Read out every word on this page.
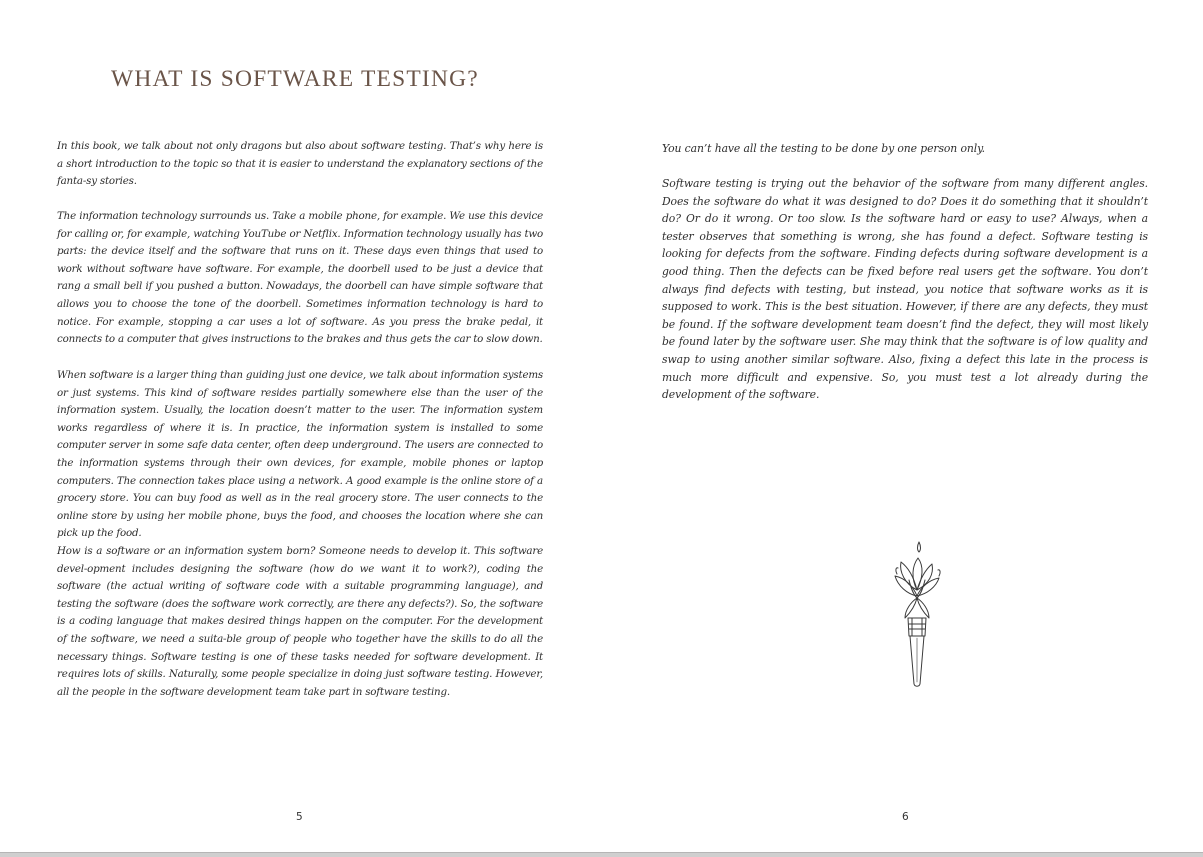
WHAT IS SOFTWARE TESTING?

In this book, we talk about not only dragons but also about software testing. That’s why here is a short introduction to the topic so that it is easier to understand the explanatory sections of the fanta-sy stories.

The information technology surrounds us. Take a mobile phone, for example. We use this device for calling or, for example, watching YouTube or Netflix. Information technology usually has two parts: the device itself and the software that runs on it. These days even things that used to work without software have software. For example, the doorbell used to be just a device that rang a small bell if you pushed a button. Nowadays, the doorbell can have simple software that allows you to choose the tone of the doorbell. Sometimes information technology is hard to notice. For example, stopping a car uses a lot of software. As you press the brake pedal, it connects to a computer that gives instructions to the brakes and thus gets the car to slow down.

When software is a larger thing than guiding just one device, we talk about information systems or just systems. This kind of software resides partially somewhere else than the user of the information system. Usually, the location doesn’t matter to the user. The information system works regardless of where it is. In practice, the information system is installed to some computer server in some safe data center, often deep underground. The users are connected to the information systems through their own devices, for example, mobile phones or laptop computers. The connection takes place using a network. A good example is the online store of a grocery store. You can buy food as well as in the real grocery store. The user connects to the online store by using her mobile phone, buys the food, and chooses the location where she can pick up the food.

How is a software or an information system born? Someone needs to develop it. This software devel-opment includes designing the software (how do we want it to work?), coding the software (the actual writing of software code with a suitable programming language), and testing the software (does the software work correctly, are there any defects?). So, the software is a coding language that makes desired things happen on the computer. For the development of the software, we need a suita-ble group of people who together have the skills to do all the necessary things. Software testing is one of these tasks needed for software development. It requires lots of skills. Naturally, some people specialize in doing just software testing. However, all the people in the software development team take part in software testing.

5

You can’t have all the testing to be done by one person only.

Software testing is trying out the behavior of the software from many different angles. Does the software do what it was designed to do? Does it do something that it shouldn’t do? Or do it wrong. Or too slow. Is the software hard or easy to use? Always, when a tester observes that something is wrong, she has found a defect. Software testing is looking for defects from the software. Finding defects during software development is a good thing. Then the defects can be fixed before real users get the software. You don’t always find defects with testing, but instead, you notice that software works as it is supposed to work. This is the best situation. However, if there are any defects, they must be found. If the software development team doesn’t find the defect, they will most likely be found later by the software user. She may think that the software is of low quality and swap to using another similar software. Also, fixing a defect this late in the process is much more difficult and expensive. So, you must test a lot already during the development of the software.

6
